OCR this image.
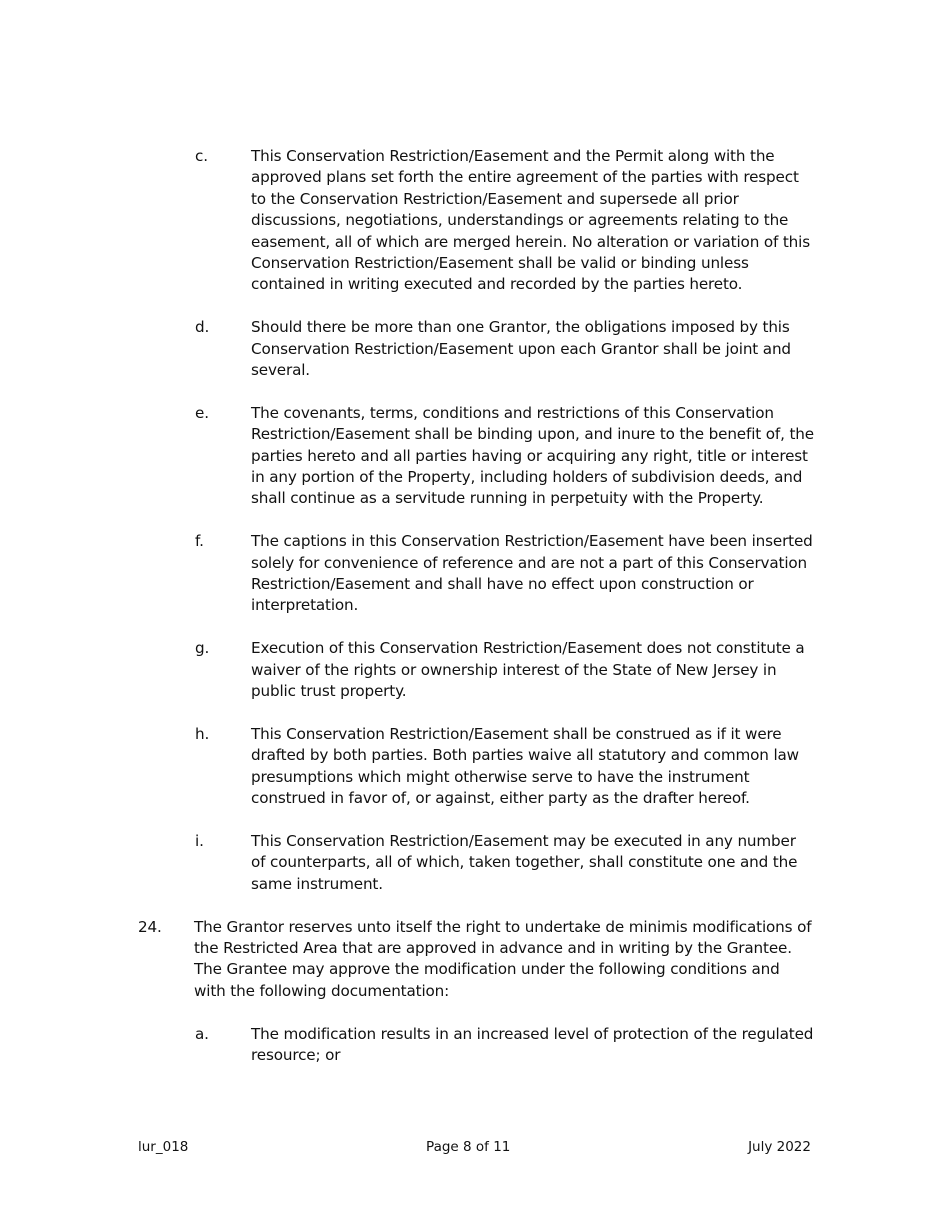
c.	This Conservation Restriction/Easement and the Permit along with the approved plans set forth the entire agreement of the parties with respect to the Conservation Restriction/Easement and supersede all prior discussions, negotiations, understandings or agreements relating to the easement, all of which are merged herein. No alteration or variation of this Conservation Restriction/Easement shall be valid or binding unless contained in writing executed and recorded by the parties hereto.
d.	Should there be more than one Grantor, the obligations imposed by this Conservation Restriction/Easement upon each Grantor shall be joint and several.
e.	The covenants, terms, conditions and restrictions of this Conservation Restriction/Easement shall be binding upon, and inure to the benefit of, the parties hereto and all parties having or acquiring any right, title or interest in any portion of the Property, including holders of subdivision deeds, and shall continue as a servitude running in perpetuity with the Property.
f.	The captions in this Conservation Restriction/Easement have been inserted solely for convenience of reference and are not a part of this Conservation Restriction/Easement and shall have no effect upon construction or interpretation.
g.	Execution of this Conservation Restriction/Easement does not constitute a waiver of the rights or ownership interest of the State of New Jersey in public trust property.
h.	This Conservation Restriction/Easement shall be construed as if it were drafted by both parties. Both parties waive all statutory and common law presumptions which might otherwise serve to have the instrument construed in favor of, or against, either party as the drafter hereof.
i.	This Conservation Restriction/Easement may be executed in any number of counterparts, all of which, taken together, shall constitute one and the same instrument.
24.	The Grantor reserves unto itself the right to undertake de minimis modifications of the Restricted Area that are approved in advance and in writing by the Grantee. The Grantee may approve the modification under the following conditions and with the following documentation:
a.	The modification results in an increased level of protection of the regulated resource; or
lur_018	Page 8 of 11	July 2022
